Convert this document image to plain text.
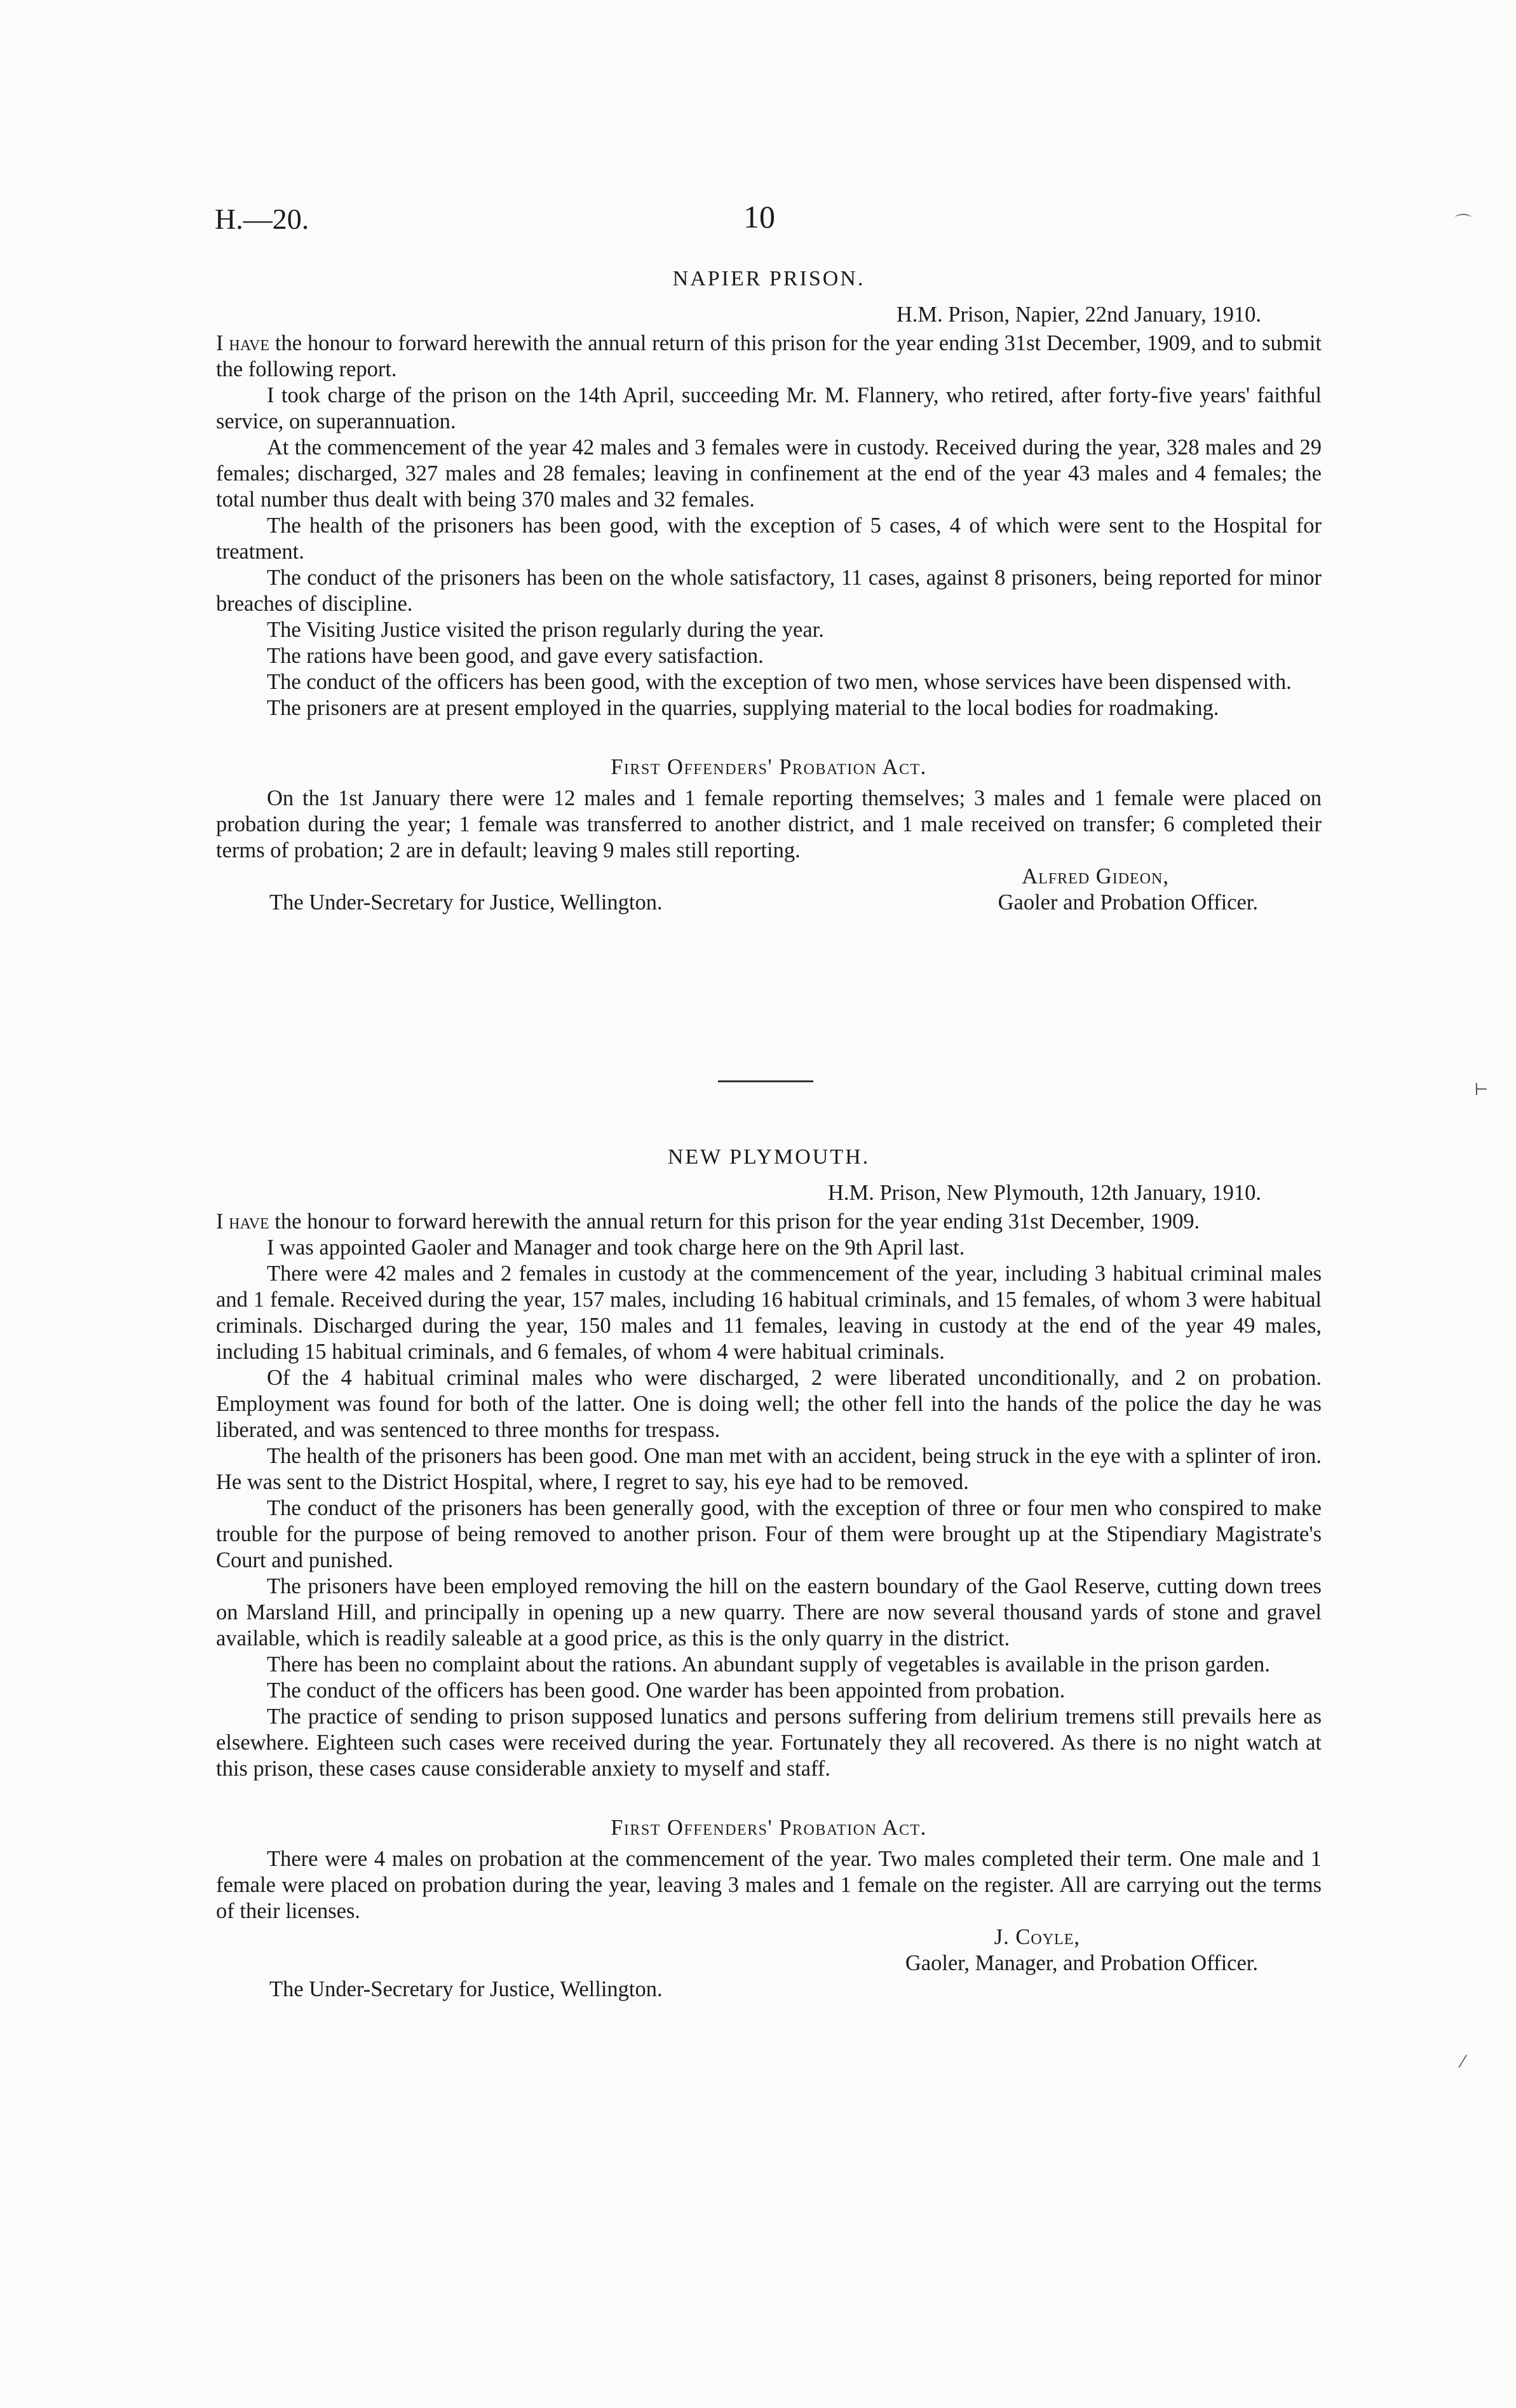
H.—20.	10
NAPIER PRISON.
H.M. Prison, Napier, 22nd January, 1910.

I have the honour to forward herewith the annual return of this prison for the year ending 31st December, 1909, and to submit the following report.

I took charge of the prison on the 14th April, succeeding Mr. M. Flannery, who retired, after forty-five years' faithful service, on superannuation.

At the commencement of the year 42 males and 3 females were in custody. Received during the year, 328 males and 29 females; discharged, 327 males and 28 females; leaving in confinement at the end of the year 43 males and 4 females; the total number thus dealt with being 370 males and 32 females.

The health of the prisoners has been good, with the exception of 5 cases, 4 of which were sent to the Hospital for treatment.

The conduct of the prisoners has been on the whole satisfactory, 11 cases, against 8 prisoners, being reported for minor breaches of discipline.

The Visiting Justice visited the prison regularly during the year.

The rations have been good, and gave every satisfaction.

The conduct of the officers has been good, with the exception of two men, whose services have been dispensed with.

The prisoners are at present employed in the quarries, supplying material to the local bodies for roadmaking.

First Offenders' Probation Act.

On the 1st January there were 12 males and 1 female reporting themselves; 3 males and 1 female were placed on probation during the year; 1 female was transferred to another district, and 1 male received on transfer; 6 completed their terms of probation; 2 are in default; leaving 9 males still reporting.

Alfred Gideon,
The Under-Secretary for Justice, Wellington.	Gaoler and Probation Officer.
NEW PLYMOUTH.
H.M. Prison, New Plymouth, 12th January, 1910.

I have the honour to forward herewith the annual return for this prison for the year ending 31st December, 1909.

I was appointed Gaoler and Manager and took charge here on the 9th April last.

There were 42 males and 2 females in custody at the commencement of the year, including 3 habitual criminal males and 1 female. Received during the year, 157 males, including 16 habitual criminals, and 15 females, of whom 3 were habitual criminals. Discharged during the year, 150 males and 11 females, leaving in custody at the end of the year 49 males, including 15 habitual criminals, and 6 females, of whom 4 were habitual criminals.

Of the 4 habitual criminal males who were discharged, 2 were liberated unconditionally, and 2 on probation. Employment was found for both of the latter. One is doing well; the other fell into the hands of the police the day he was liberated, and was sentenced to three months for trespass.

The health of the prisoners has been good. One man met with an accident, being struck in the eye with a splinter of iron. He was sent to the District Hospital, where, I regret to say, his eye had to be removed.

The conduct of the prisoners has been generally good, with the exception of three or four men who conspired to make trouble for the purpose of being removed to another prison. Four of them were brought up at the Stipendiary Magistrate's Court and punished.

The prisoners have been employed removing the hill on the eastern boundary of the Gaol Reserve, cutting down trees on Marsland Hill, and principally in opening up a new quarry. There are now several thousand yards of stone and gravel available, which is readily saleable at a good price, as this is the only quarry in the district.

There has been no complaint about the rations. An abundant supply of vegetables is available in the prison garden.

The conduct of the officers has been good. One warder has been appointed from probation.

The practice of sending to prison supposed lunatics and persons suffering from delirium tremens still prevails here as elsewhere. Eighteen such cases were received during the year. Fortunately they all recovered. As there is no night watch at this prison, these cases cause considerable anxiety to myself and staff.

First Offenders' Probation Act.

There were 4 males on probation at the commencement of the year. Two males completed their term. One male and 1 female were placed on probation during the year, leaving 3 males and 1 female on the register. All are carrying out the terms of their licenses.

J. Coyle,
Gaoler, Manager, and Probation Officer.
The Under-Secretary for Justice, Wellington.
⌒
⊢
⁄
